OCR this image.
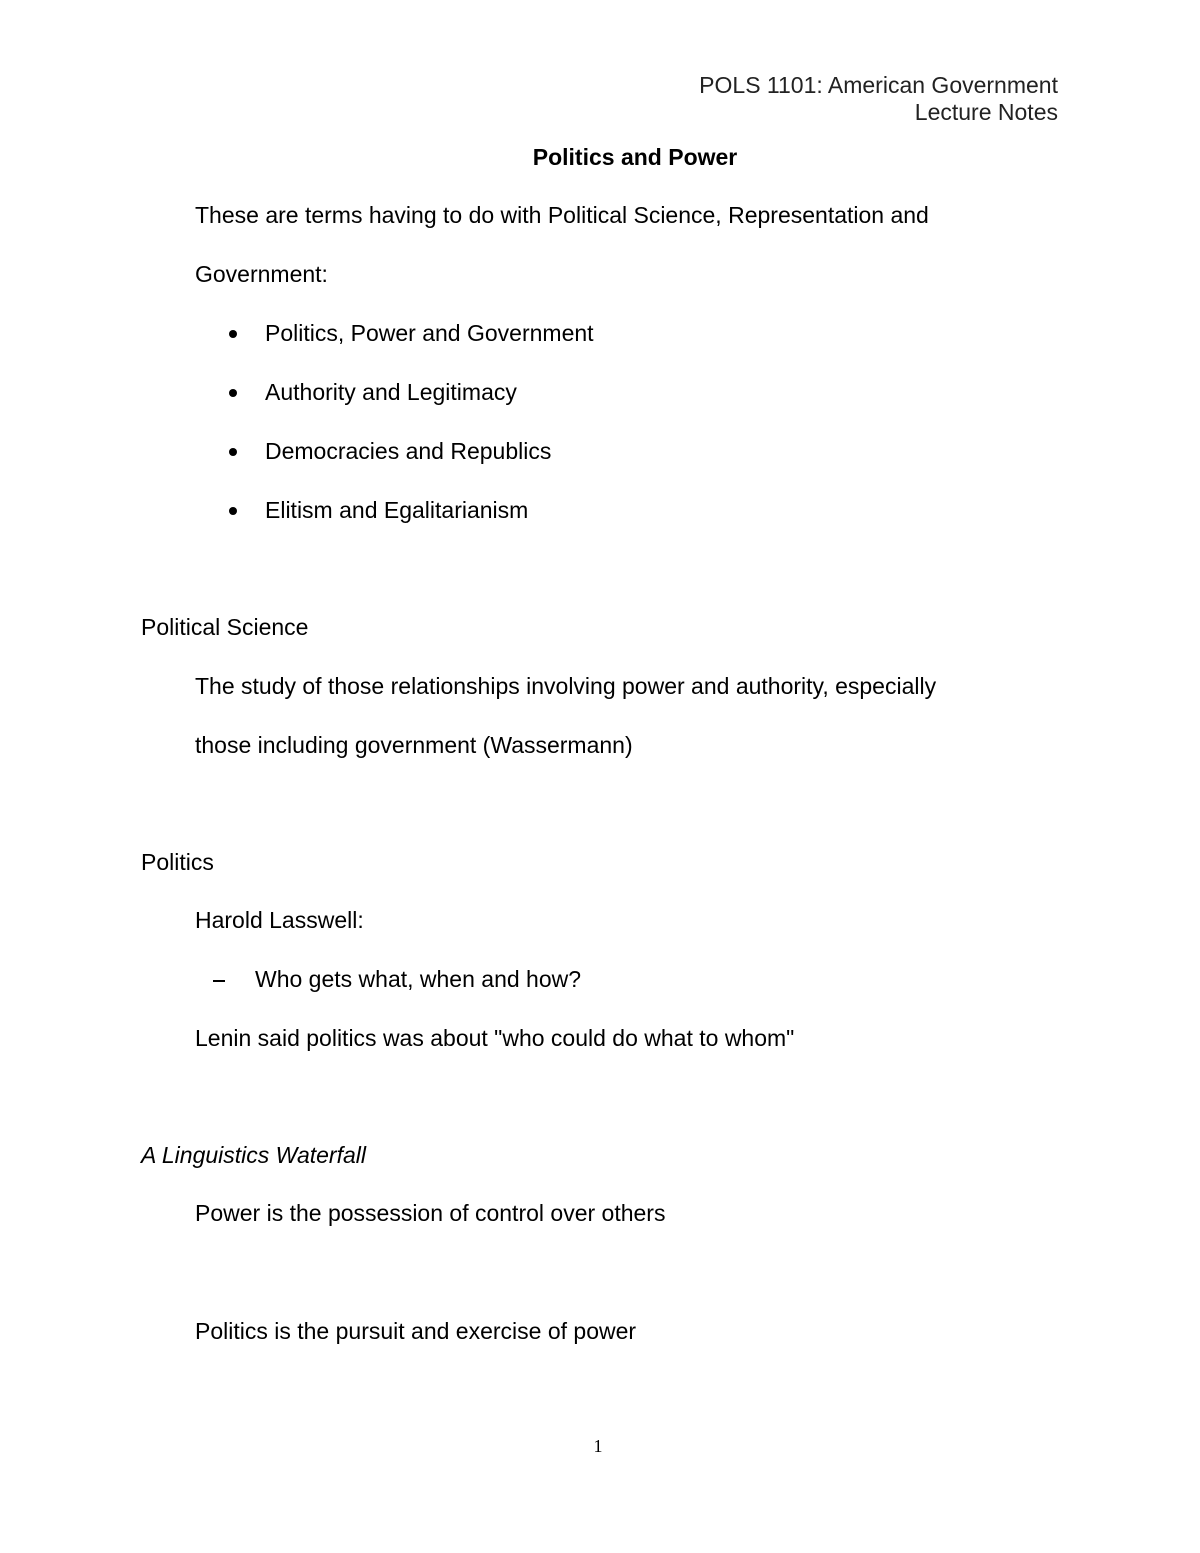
POLS 1101: American Government
Lecture Notes
Politics and Power
These are terms having to do with Political Science, Representation and
Government:
Politics, Power and Government
Authority and Legitimacy
Democracies and Republics
Elitism and Egalitarianism
Political Science
The study of those relationships involving power and authority, especially
those including government (Wassermann)
Politics
Harold Lasswell:
Who gets what, when and how?
Lenin said politics was about "who could do what to whom"
A Linguistics Waterfall
Power is the possession of control over others
Politics is the pursuit and exercise of power
1
